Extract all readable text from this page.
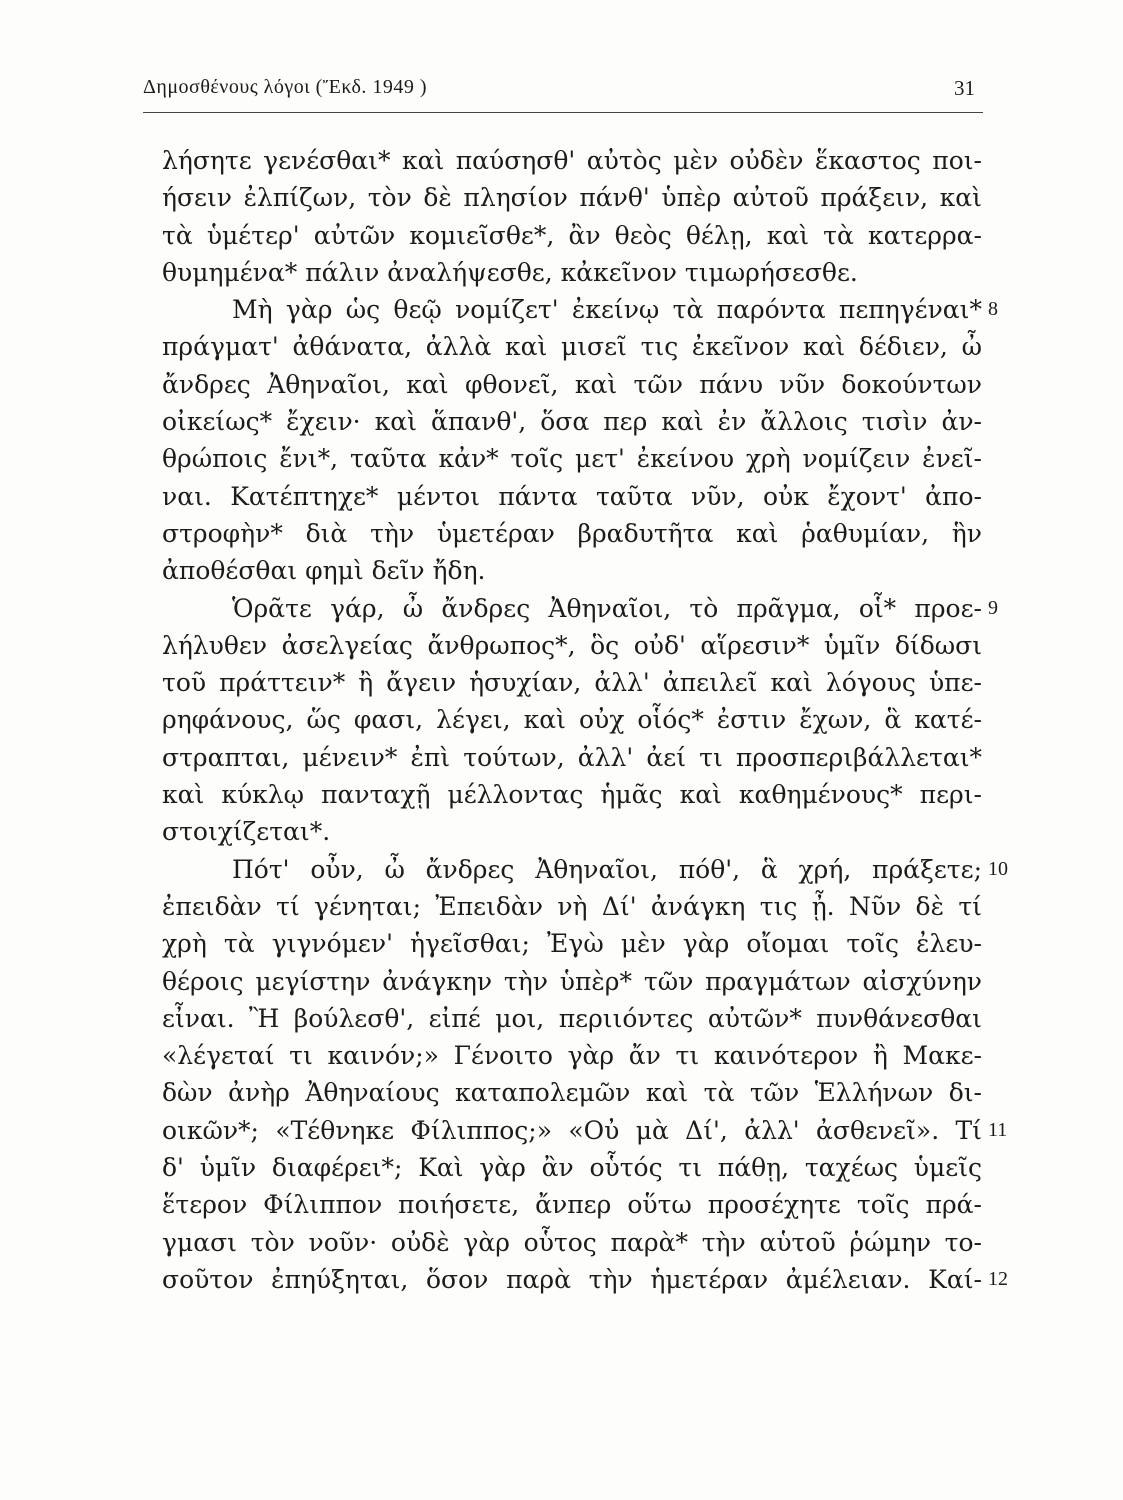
Δημοσθένους λόγοι (Ἔκδ. 1949 )	31
λήσητε γενέσθαι* καὶ παύσησθ' αὐτὸς μὲν οὐδὲν ἕκαστος ποι-
ήσειν ἐλπίζων, τὸν δὲ πλησίον πάνθ' ὑπὲρ αὐτοῦ πράξειν, καὶ
τὰ ὑμέτερ' αὐτῶν κομιεῖσθε*, ἂν θεὸς θέλῃ, καὶ τὰ κατερρα-
θυμημένα* πάλιν ἀναλήψεσθε, κἀκεῖνον τιμωρήσεσθε.
Μὴ γὰρ ὡς θεῷ νομίζετ' ἐκείνῳ τὰ παρόντα πεπηγέναι* 8
πράγματ' ἀθάνατα, ἀλλὰ καὶ μισεῖ τις ἐκεῖνον καὶ δέδιεν, ὦ
ἄνδρες Ἀθηναῖοι, καὶ φθονεῖ, καὶ τῶν πάνυ νῦν δοκούντων
οἰκείως* ἔχειν· καὶ ἅπανθ', ὅσα περ καὶ ἐν ἄλλοις τισὶν ἀν-
θρώποις ἔνι*, ταῦτα κἀν* τοῖς μετ' ἐκείνου χρὴ νομίζειν ἐνεῖ-
ναι. Κατέπτηχε* μέντοι πάντα ταῦτα νῦν, οὐκ ἔχοντ' ἀπο-
στροφὴν* διὰ τὴν ὑμετέραν βραδυτῆτα καὶ ῥαθυμίαν, ἣν
ἀποθέσθαι φημὶ δεῖν ἤδη.
Ὁρᾶτε γάρ, ὦ ἄνδρες Ἀθηναῖοι, τὸ πρᾶγμα, οἷ* προε- 9
λήλυθεν ἀσελγείας ἄνθρωπος*, ὃς οὐδ' αἵρεσιν* ὑμῖν δίδωσι
τοῦ πράττειν* ἢ ἄγειν ἡσυχίαν, ἀλλ' ἀπειλεῖ καὶ λόγους ὑπε-
ρηφάνους, ὥς φασι, λέγει, καὶ οὐχ οἷός* ἐστιν ἔχων, ἃ κατέ-
στραπται, μένειν* ἐπὶ τούτων, ἀλλ' ἀεί τι προσπεριβάλλεται*
καὶ κύκλῳ πανταχῇ μέλλοντας ἡμᾶς καὶ καθημένους* περι-
στοιχίζεται*.
Πότ' οὖν, ὦ ἄνδρες Ἀθηναῖοι, πόθ', ἃ χρή, πράξετε; 10
ἐπειδὰν τί γένηται; Ἐπειδὰν νὴ Δί' ἀνάγκη τις ᾖ. Νῦν δὲ τί
χρὴ τὰ γιγνόμεν' ἡγεῖσθαι; Ἐγὼ μὲν γὰρ οἴομαι τοῖς ἐλευ-
θέροις μεγίστην ἀνάγκην τὴν ὑπὲρ* τῶν πραγμάτων αἰσχύνην
εἶναι. Ἢ βούλεσθ', εἰπέ μοι, περιιόντες αὐτῶν* πυνθάνεσθαι
«λέγεταί τι καινόν;» Γένοιτο γὰρ ἄν τι καινότερον ἢ Μακε-
δὼν ἀνὴρ Ἀθηναίους καταπολεμῶν καὶ τὰ τῶν Ἑλλήνων δι-
οικῶν*; «Τέθνηκε Φίλιππος;» «Οὐ μὰ Δί', ἀλλ' ἀσθενεῖ». Τί 11
δ' ὑμῖν διαφέρει*; Καὶ γὰρ ἂν οὗτός τι πάθῃ, ταχέως ὑμεῖς
ἕτερον Φίλιππον ποιήσετε, ἄνπερ οὕτω προσέχητε τοῖς πρά-
γμασι τὸν νοῦν· οὐδὲ γὰρ οὗτος παρὰ* τὴν αὑτοῦ ῥώμην το-
σοῦτον ἐπηύξηται, ὅσον παρὰ τὴν ἡμετέραν ἀμέλειαν. Καί- 12
